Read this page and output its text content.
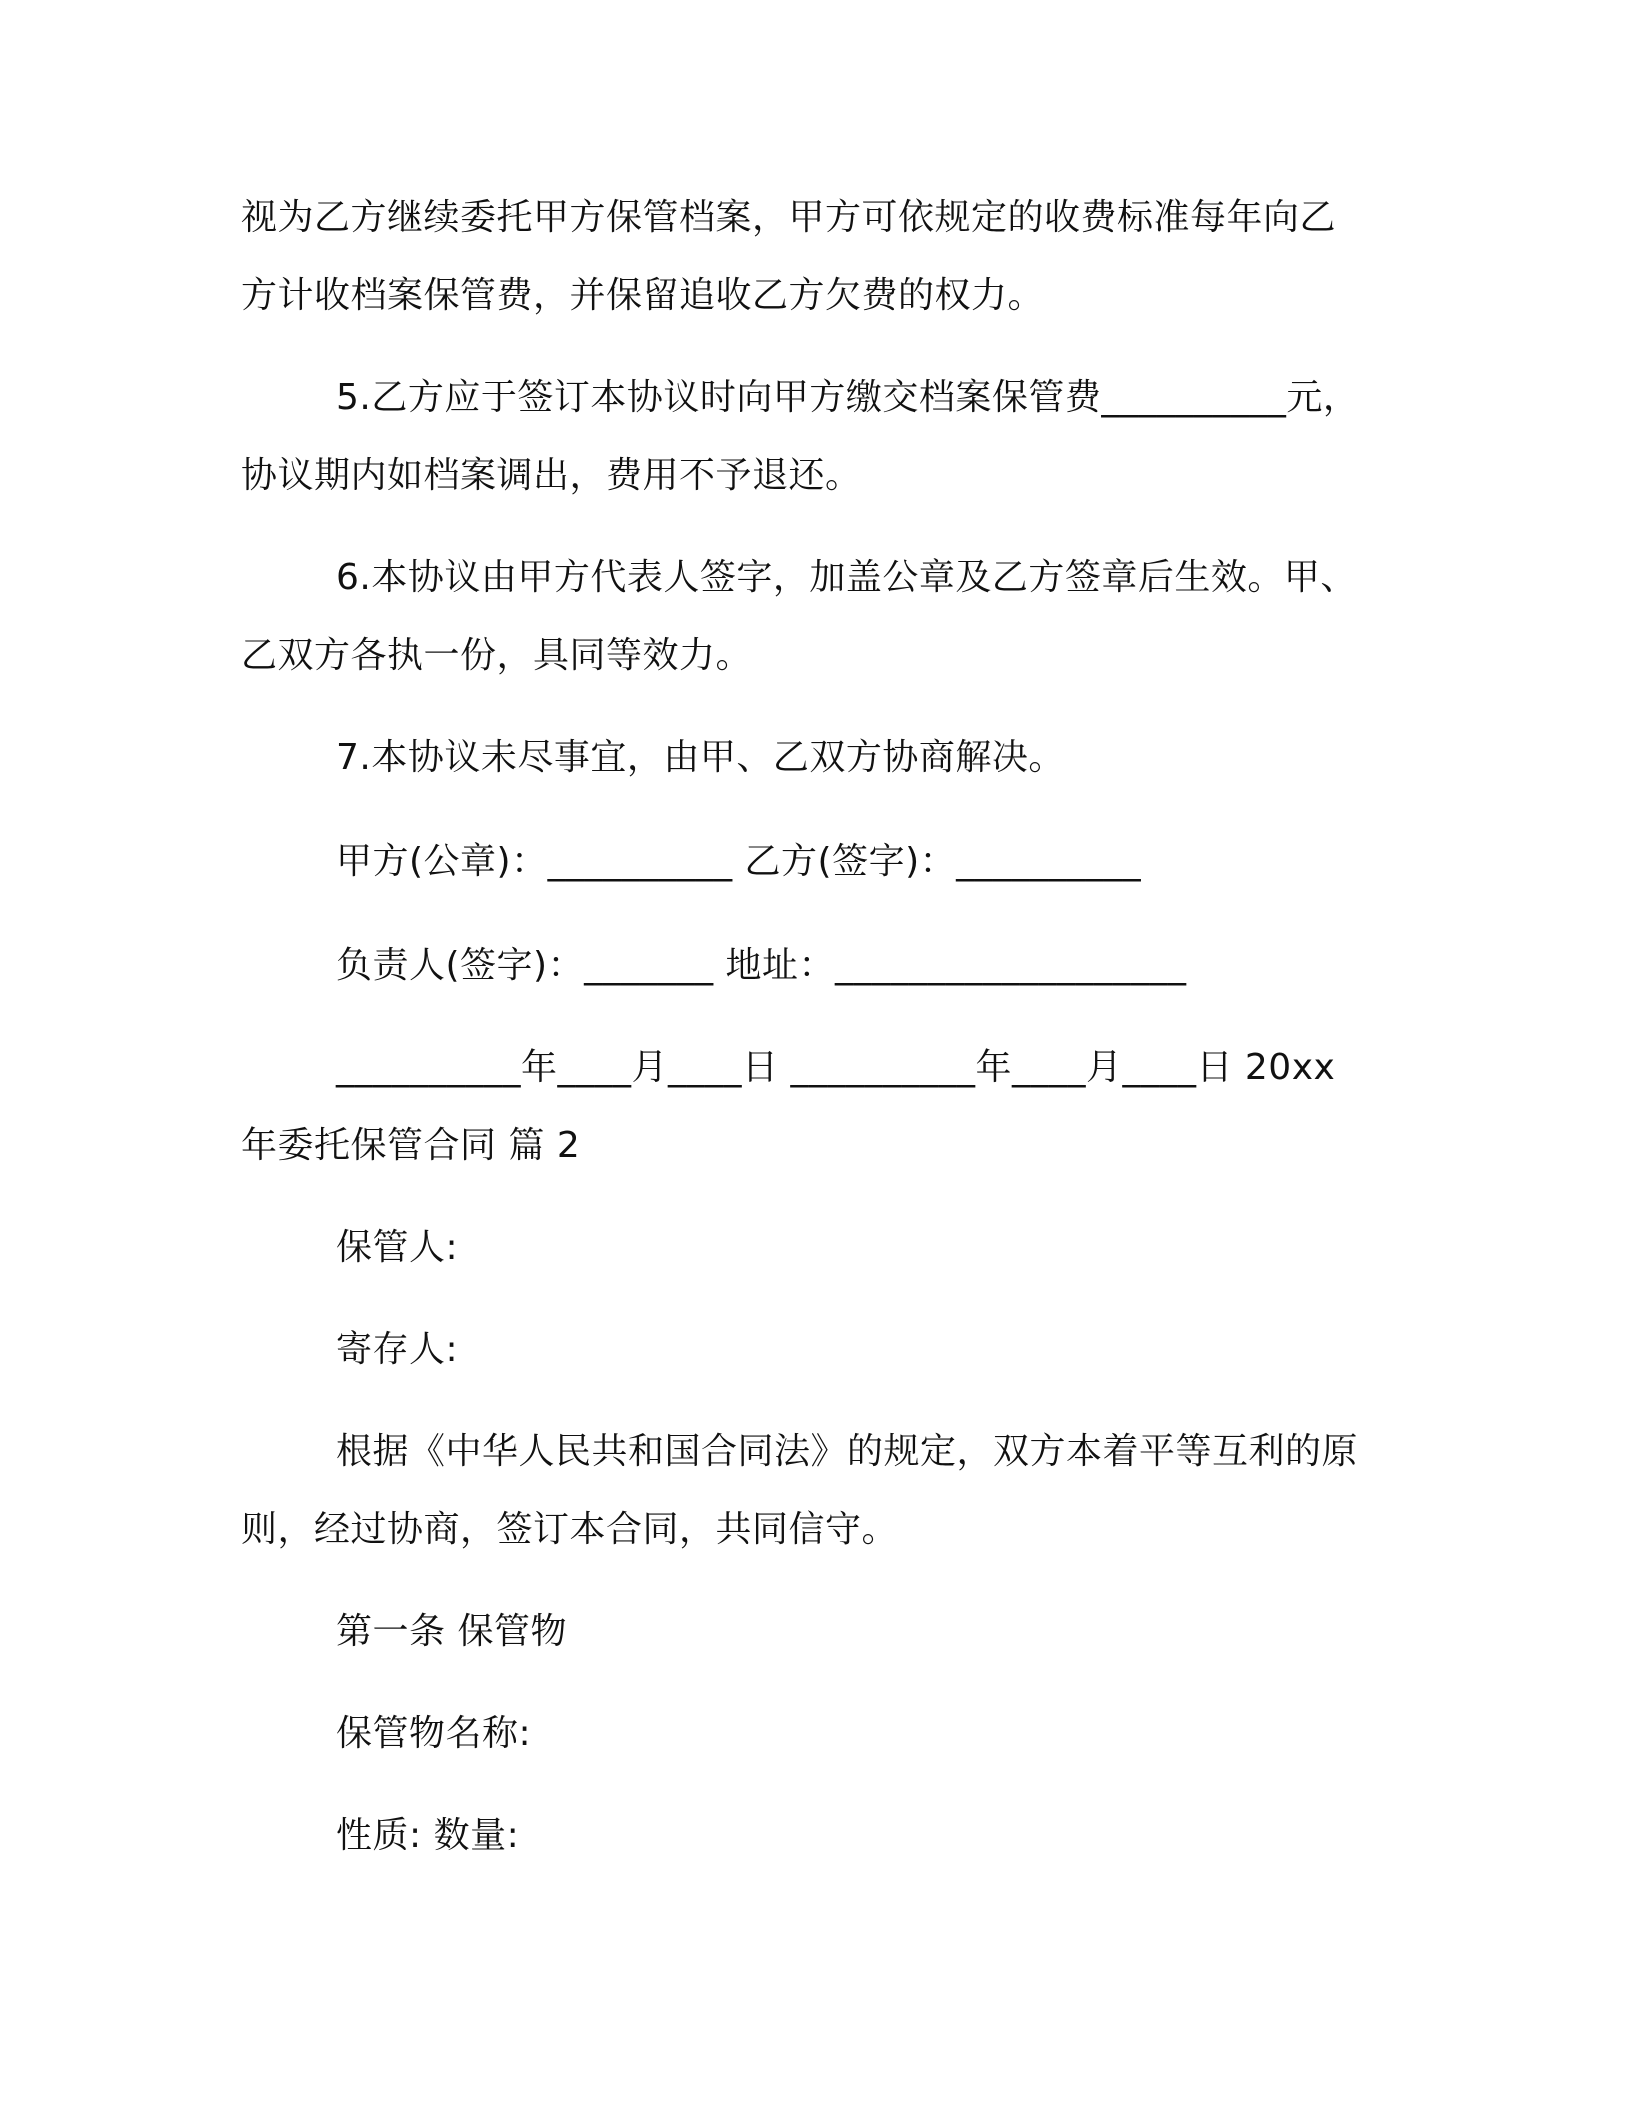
视为乙方继续委托甲方保管档案，甲方可依规定的收费标准每年向乙
方计收档案保管费，并保留追收乙方欠费的权力。
5.乙方应于签订本协议时向甲方缴交档案保管费__________元，
协议期内如档案调出，费用不予退还。
6.本协议由甲方代表人签字，加盖公章及乙方签章后生效。甲、
乙双方各执一份，具同等效力。
7.本协议未尽事宜，由甲、乙双方协商解决。
甲方(公章)：__________ 乙方(签字)：__________
负责人(签字)：_______ 地址：___________________
__________年____月____日 __________年____月____日 20xx
年委托保管合同 篇 2
保管人:
寄存人:
根据《中华人民共和国合同法》的规定，双方本着平等互利的原
则，经过协商，签订本合同，共同信守。
第一条 保管物
保管物名称:
性质: 数量:
